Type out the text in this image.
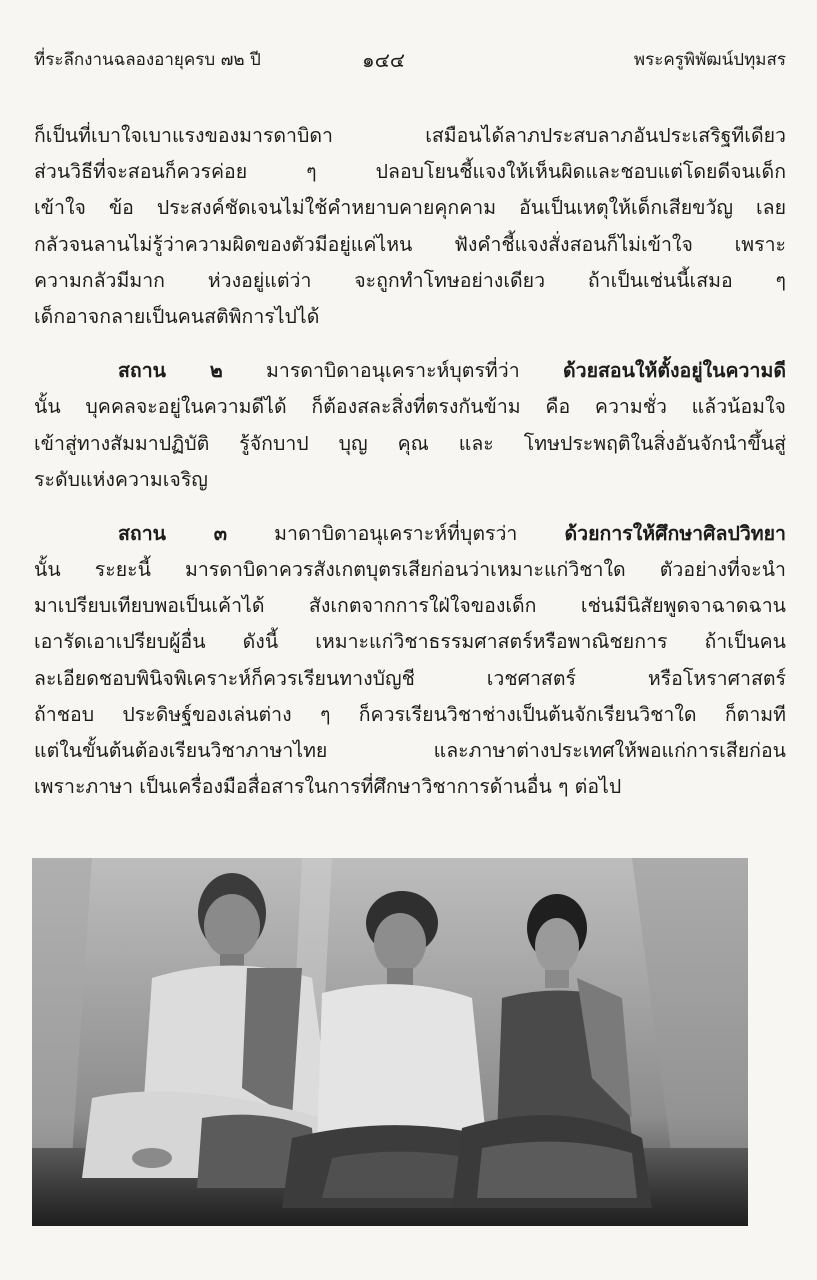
ที่ระลึกงานฉลองอายุครบ ๗๒ ปี	๑๔๔	พระครูพิพัฒน์ปทุมสร
ก็เป็นที่เบาใจเบาแรงของมารดาบิดา เสมือนได้ลาภประสบลาภอันประเสริฐทีเดียว
ส่วนวิธีที่จะสอนก็ควรค่อย ๆ ปลอบโยนชี้แจงให้เห็นผิดและชอบแต่โดยดีจนเด็ก
เข้าใจ ข้อ ประสงค์ชัดเจนไม่ใช้คำหยาบคายคุกคาม อันเป็นเหตุให้เด็กเสียขวัญ เลย
กลัวจนลานไม่รู้ว่าความผิดของตัวมีอยู่แค่ไหน ฟังคำชี้แจงสั่งสอนก็ไม่เข้าใจ เพราะ
ความกลัวมีมาก ห่วงอยู่แต่ว่า จะถูกทำโทษอย่างเดียว ถ้าเป็นเช่นนี้เสมอ ๆ
เด็กอาจกลายเป็นคนสติพิการไปได้
สถาน ๒ มารดาบิดาอนุเคราะห์บุตรที่ว่า ด้วยสอนให้ตั้งอยู่ในความดี
นั้น บุคคลจะอยู่ในความดีได้ ก็ต้องสละสิ่งที่ตรงกันข้าม คือ ความชั่ว แล้วน้อมใจ
เข้าสู่ทางสัมมาปฏิบัติ รู้จักบาป บุญ คุณ และ โทษประพฤติในสิ่งอันจักนำขึ้นสู่
ระดับแห่งความเจริญ
สถาน ๓ มาดาบิดาอนุเคราะห์ที่บุตรว่า ด้วยการให้ศึกษาศิลปวิทยา
นั้น ระยะนี้ มารดาบิดาควรสังเกตบุตรเสียก่อนว่าเหมาะแก่วิชาใด ตัวอย่างที่จะนำ
มาเปรียบเทียบพอเป็นเค้าได้ สังเกตจากการใฝ่ใจของเด็ก เช่นมีนิสัยพูดจาฉาดฉาน
เอารัดเอาเปรียบผู้อื่น ดังนี้ เหมาะแก่วิชาธรรมศาสตร์หรือพาณิชยการ ถ้าเป็นคน
ละเอียดชอบพินิจพิเคราะห์ก็ควรเรียนทางบัญชี เวชศาสตร์ หรือโหราศาสตร์
ถ้าชอบ ประดิษฐ์ของเล่นต่าง ๆ ก็ควรเรียนวิชาช่างเป็นต้นจักเรียนวิชาใด ก็ตามที
แต่ในขั้นต้นต้องเรียนวิชาภาษาไทย และภาษาต่างประเทศให้พอแก่การเสียก่อน
เพราะภาษา เป็นเครื่องมือสื่อสารในการที่ศึกษาวิชาการด้านอื่น ๆ ต่อไป
